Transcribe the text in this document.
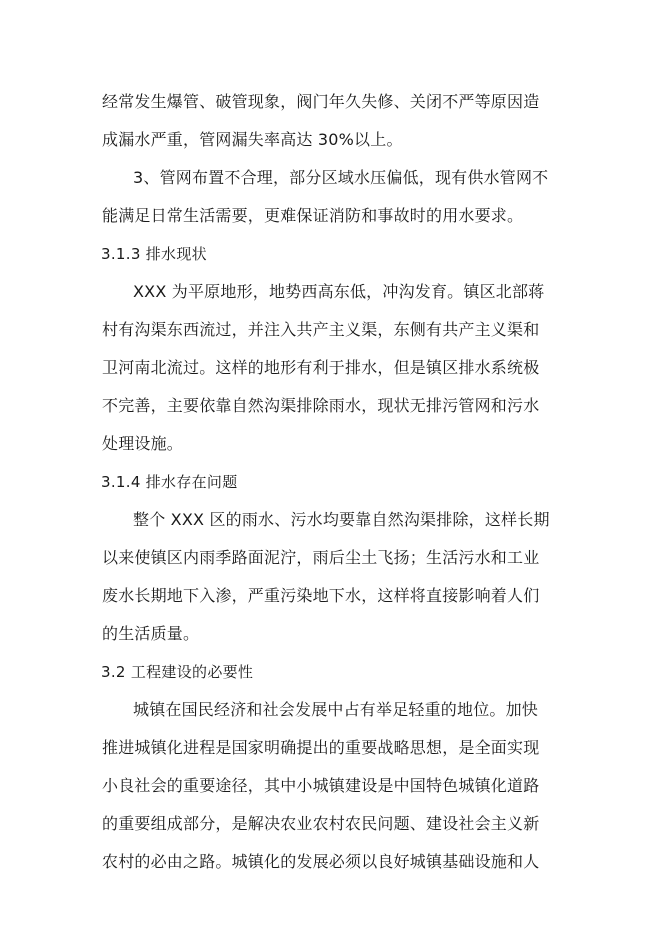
经常发生爆管、破管现象，阀门年久失修、关闭不严等原因造
成漏水严重，管网漏失率高达 30%以上。
3、管网布置不合理，部分区域水压偏低，现有供水管网不
能满足日常生活需要，更难保证消防和事故时的用水要求。
3.1.3 排水现状
XXX 为平原地形，地势西高东低，冲沟发育。镇区北部蒋
村有沟渠东西流过，并注入共产主义渠，东侧有共产主义渠和
卫河南北流过。这样的地形有利于排水，但是镇区排水系统极
不完善，主要依靠自然沟渠排除雨水，现状无排污管网和污水
处理设施。
3.1.4 排水存在问题
整个 XXX 区的雨水、污水均要靠自然沟渠排除，这样长期
以来使镇区内雨季路面泥泞，雨后尘土飞扬；生活污水和工业
废水长期地下入渗，严重污染地下水，这样将直接影响着人们
的生活质量。
3.2 工程建设的必要性
城镇在国民经济和社会发展中占有举足轻重的地位。加快
推进城镇化进程是国家明确提出的重要战略思想，是全面实现
小良社会的重要途径，其中小城镇建设是中国特色城镇化道路
的重要组成部分，是解决农业农村农民问题、建设社会主义新
农村的必由之路。城镇化的发展必须以良好城镇基础设施和人
